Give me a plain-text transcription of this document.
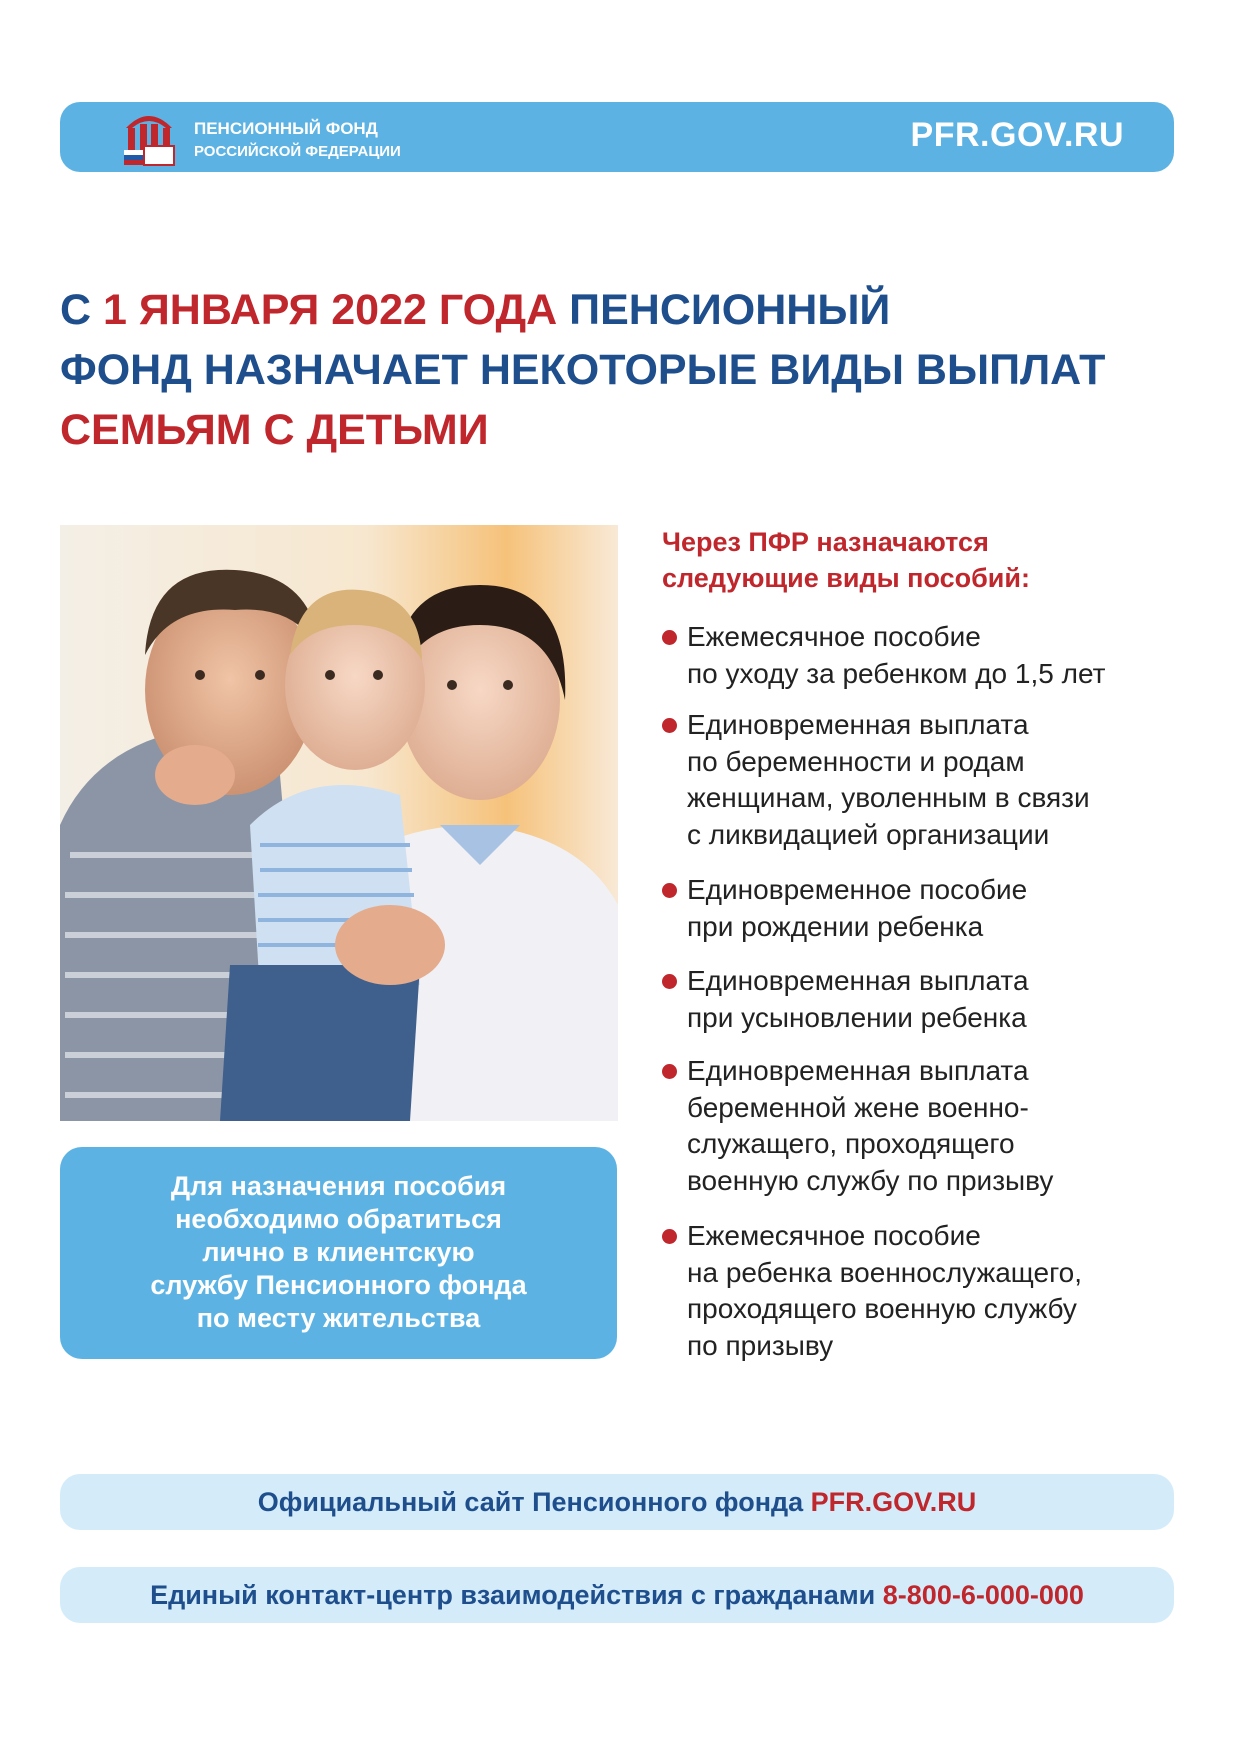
ПЕНСИОННЫЙ ФОНД
РОССИЙСКОЙ ФЕДЕРАЦИИ	PFR.GOV.RU
С 1 ЯНВАРЯ 2022 ГОДА ПЕНСИОННЫЙ
ФОНД НАЗНАЧАЕТ НЕКОТОРЫЕ ВИДЫ ВЫПЛАТ
СЕМЬЯМ С ДЕТЬМИ
Для назначения пособия
необходимо обратиться
лично в клиентскую
службу Пенсионного фонда
по месту жительства
Через ПФР назначаются
следующие виды пособий:
Ежемесячное пособие
по уходу за ребенком до 1,5 лет
Единовременная выплата
по беременности и родам
женщинам, уволенным в связи
с ликвидацией организации
Единовременное пособие
при рождении ребенка
Единовременная выплата
при усыновлении ребенка
Единовременная выплата
беременной жене военно-
служащего, проходящего
военную службу по призыву
Ежемесячное пособие
на ребенка военнослужащего,
проходящего военную службу
по призыву
Официальный сайт Пенсионного фонда PFR.GOV.RU
Единый контакт-центр взаимодействия с гражданами 8-800-6-000-000
